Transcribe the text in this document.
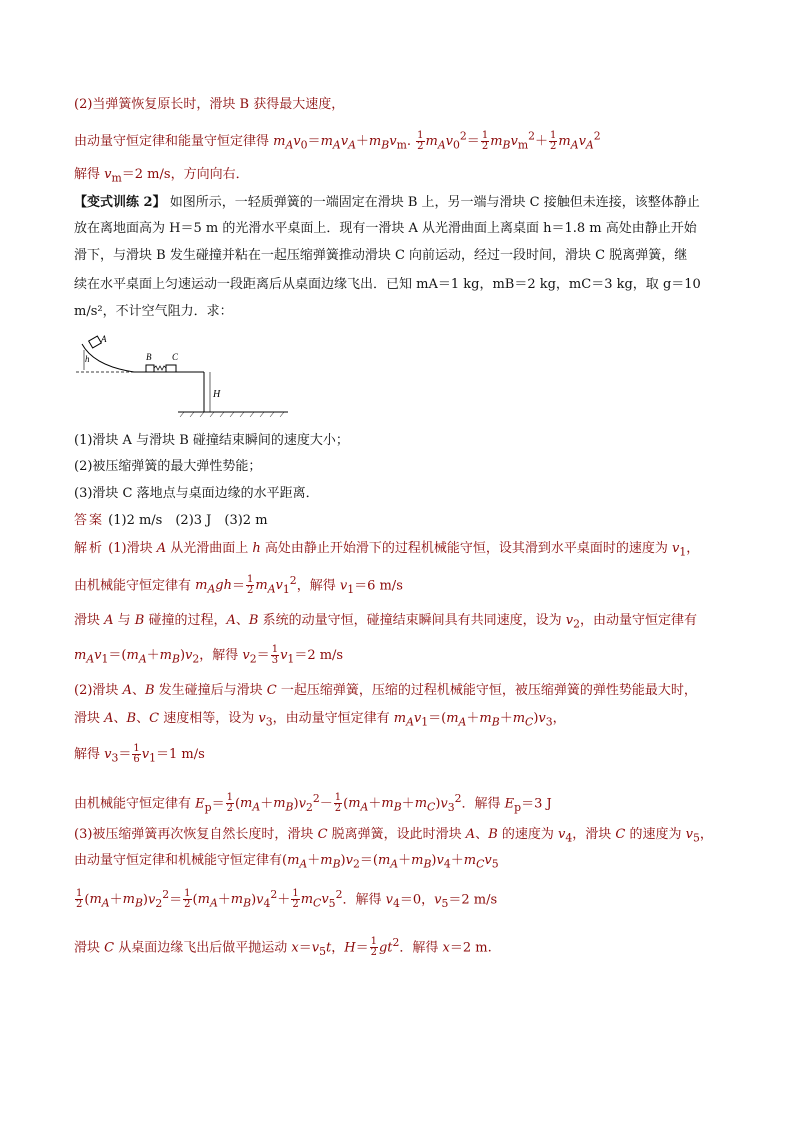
(2)当弹簧恢复原长时，滑块 B 获得最大速度，
由动量守恒定律和能量守恒定律得 $m_Av_0=m_Av_A+m_Bv_m$. $\frac{1}{2} m_Av_0^2= \frac{1}{2} m_Bv_m^2+ \frac{1}{2} m_Av_A^2$
解得 $v_m=2$ m/s，方向向右．
【变式训练 2】 如图所示，一轻质弹簧的一端固定在滑块 B 上，另一端与滑块 C 接触但未连接，该整体静止
放在离地面高为 H＝5 m 的光滑水平桌面上．现有一滑块 A 从光滑曲面上离桌面 h＝1.8 m 高处由静止开始
滑下，与滑块 B 发生碰撞并粘在一起压缩弹簧推动滑块 C 向前运动，经过一段时间，滑块 C 脱离弹簧，继
续在水平桌面上匀速运动一段距离后从桌面边缘飞出．已知 mA＝1 kg，mB＝2 kg，mC＝3 kg，取 g＝10
m/s²，不计空气阻力．求：
A
h	B C
H
(1)滑块 A 与滑块 B 碰撞结束瞬间的速度大小；
(2)被压缩弹簧的最大弹性势能；
(3)滑块 C 落地点与桌面边缘的水平距离．
答案 (1)2 m/s　(2)3 J　(3)2 m
解析 (1)滑块 A 从光滑曲面上 h 高处由静止开始滑下的过程机械能守恒，设其滑到水平桌面时的速度为 $v_1$，
由机械能守恒定律有 $m_Agh= \frac{1}{2} m_Av_1^2$，解得 $v_1=6$ m/s
滑块 A 与 B 碰撞的过程，A、B 系统的动量守恒，碰撞结束瞬间具有共同速度，设为 $v_2$，由动量守恒定律有
$m_Av_1=(m_A+m_B)v_2$，解得 $v_2= \frac{1}{3} v_1=2$ m/s
(2)滑块 A、B 发生碰撞后与滑块 C 一起压缩弹簧，压缩的过程机械能守恒，被压缩弹簧的弹性势能最大时，
滑块 A、B、C 速度相等，设为 $v_3$，由动量守恒定律有 $m_Av_1=(m_A+m_B+m_C)v_3$，
解得 $v_3= \frac{1}{6} v_1=1$ m/s
由机械能守恒定律有 $E_p= \frac{1}{2} (m_A+m_B)v_2^2- \frac{1}{2} (m_A+m_B+m_C)v_3^2$．解得 $E_p=3$ J
(3)被压缩弹簧再次恢复自然长度时，滑块 C 脱离弹簧，设此时滑块 A、B 的速度为 $v_4$，滑块 C 的速度为 $v_5$，
由动量守恒定律和机械能守恒定律有$(m_A+m_B)v_2=(m_A+m_B)v_4+m_Cv_5$
$\frac{1}{2} (m_A+m_B)v_2^2= \frac{1}{2} (m_A+m_B)v_4^2+ \frac{1}{2} m_Cv_5^2$．解得 $v_4=0$，$v_5=2$ m/s
滑块 C 从桌面边缘飞出后做平抛运动 $x=v_5t$，$H= \frac{1}{2} gt^2$．解得 x＝2 m.
